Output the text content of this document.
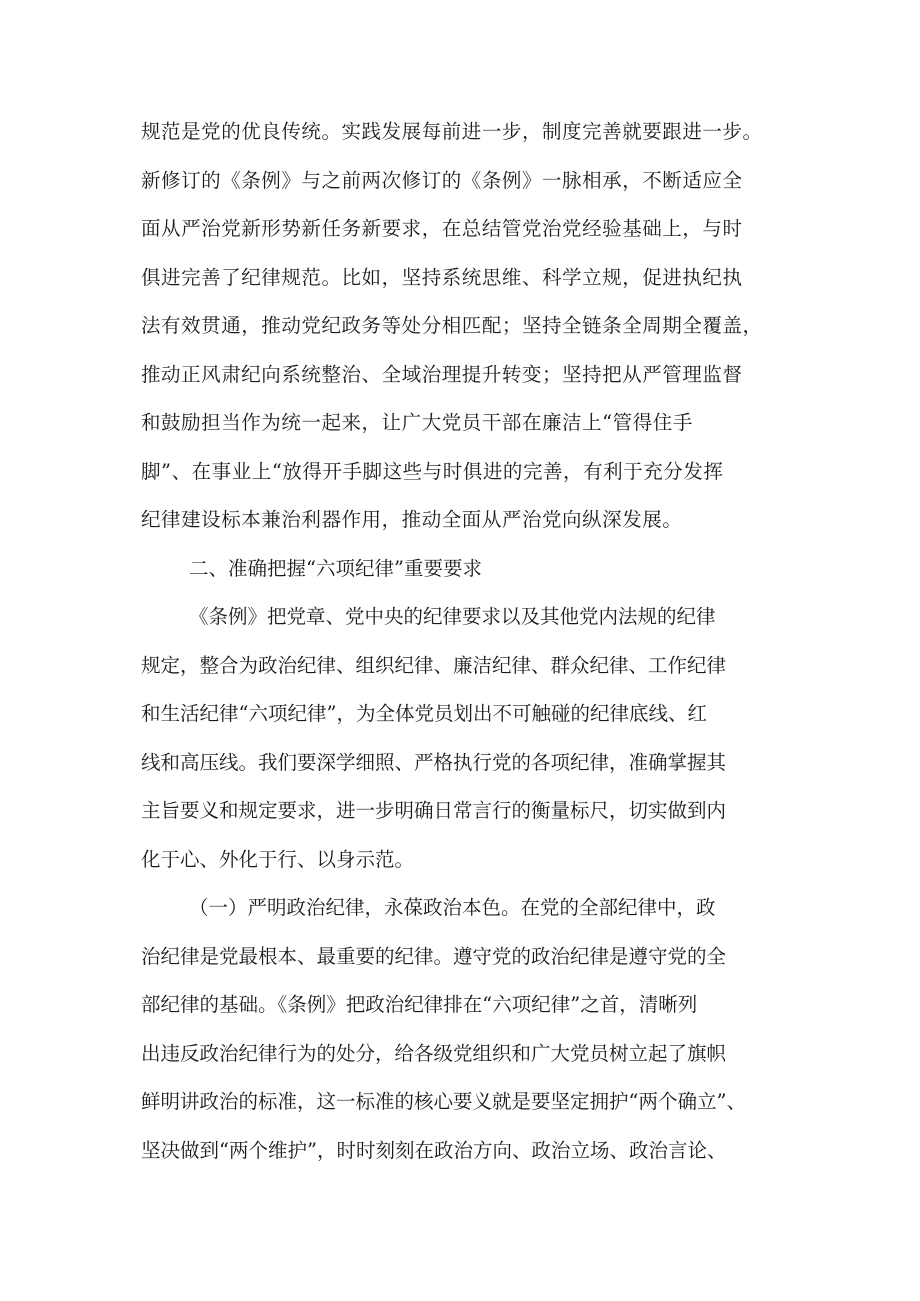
规范是党的优良传统。实践发展每前进一步，制度完善就要跟进一步。
新修订的《条例》与之前两次修订的《条例》一脉相承，不断适应全
面从严治党新形势新任务新要求，在总结管党治党经验基础上，与时
俱进完善了纪律规范。比如，坚持系统思维、科学立规，促进执纪执
法有效贯通，推动党纪政务等处分相匹配；坚持全链条全周期全覆盖，
推动正风肃纪向系统整治、全域治理提升转变；坚持把从严管理监督
和鼓励担当作为统一起来，让广大党员干部在廉洁上“管得住手
脚”、在事业上“放得开手脚这些与时俱进的完善，有利于充分发挥
纪律建设标本兼治利器作用，推动全面从严治党向纵深发展。
二、准确把握“六项纪律”重要要求
《条例》把党章、党中央的纪律要求以及其他党内法规的纪律
规定，整合为政治纪律、组织纪律、廉洁纪律、群众纪律、工作纪律
和生活纪律“六项纪律”，为全体党员划出不可触碰的纪律底线、红
线和高压线。我们要深学细照、严格执行党的各项纪律，准确掌握其
主旨要义和规定要求，进一步明确日常言行的衡量标尺，切实做到内
化于心、外化于行、以身示范。
（一）严明政治纪律，永葆政治本色。在党的全部纪律中，政
治纪律是党最根本、最重要的纪律。遵守党的政治纪律是遵守党的全
部纪律的基础。《条例》把政治纪律排在“六项纪律”之首，清晰列
出违反政治纪律行为的处分，给各级党组织和广大党员树立起了旗帜
鲜明讲政治的标准，这一标准的核心要义就是要坚定拥护“两个确立”、
坚决做到“两个维护”，时时刻刻在政治方向、政治立场、政治言论、
